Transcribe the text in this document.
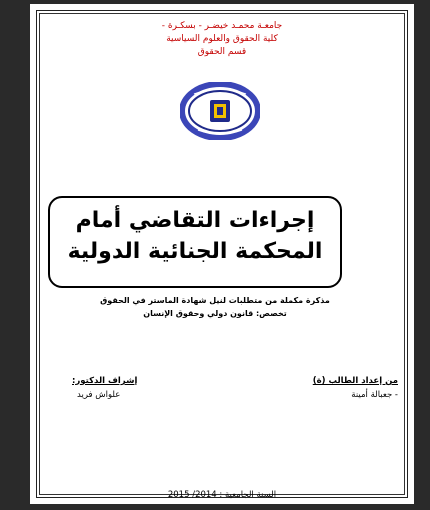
جامعـة محمـد خيضـر - بسكـرة -
كلية الحقوق والعلوم السياسية
قسم الحقوق
إجراءات التقاضي أمام
المحكمة الجنائية الدولية
مذكرة مكملة من متطلبات لنيل شهادة الماستر في الحقوق
تخصص: قانون دولي وحقوق الإنسان
من إعداد الطالب (ة)
- جعبالة أمينة
إشراف الدكتور:
علواش فريد
السنة الجامعية : 2014/ 2015
